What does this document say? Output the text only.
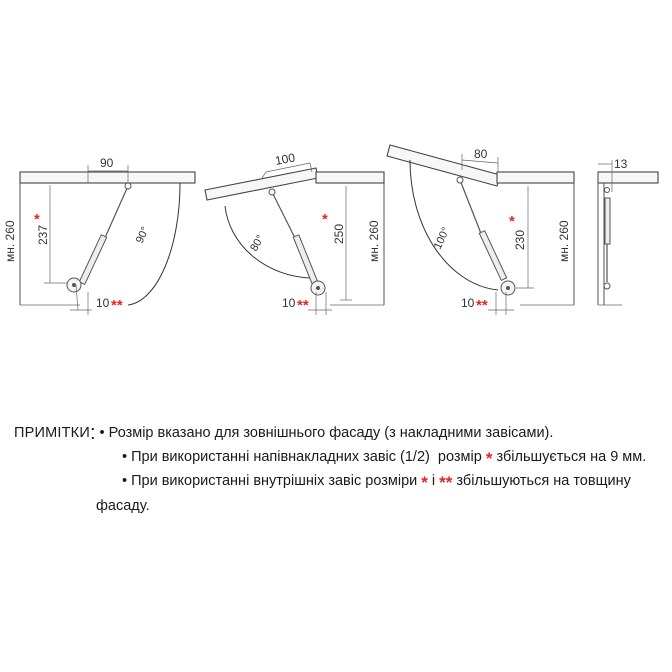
90
237
*
мн. 260
10 **
90°
100
80°	250
*
мн. 260
10 **
80
100°	230
*	мн. 260
10 **
13
ПРИМІТКИ: • Розмір вказано для зовнішнього фасаду (з накладними завісами).
• При використанні напівнакладних завіс (1/2)  розмір * збільшується на 9 мм.
• При використанні внутрішніх завіс розміри * і ** збільшуються на товщину
фасаду.
